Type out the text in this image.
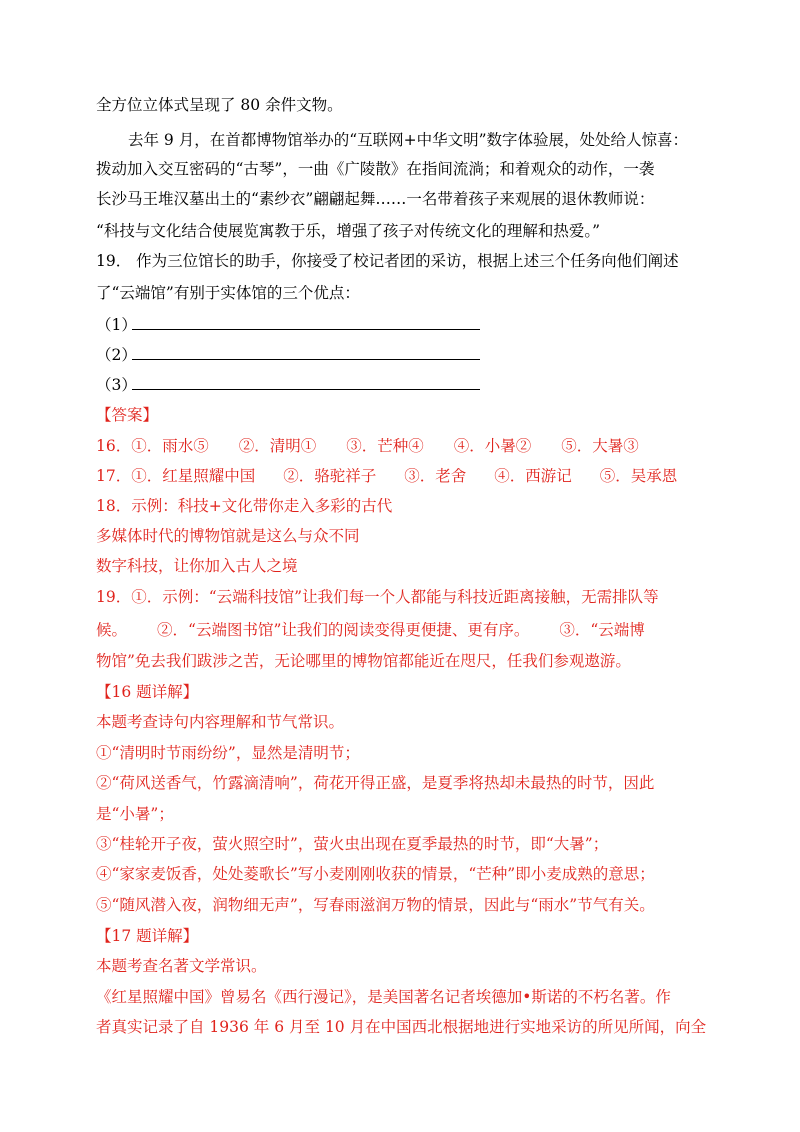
全方位立体式呈现了 80 余件文物。
去年 9 月，在首都博物馆举办的“互联网+中华文明”数字体验展，处处给人惊喜：
拨动加入交互密码的“古琴”，一曲《广陵散》在指间流淌；和着观众的动作，一袭
长沙马王堆汉墓出土的“素纱衣”翩翩起舞……一名带着孩子来观展的退休教师说：
“科技与文化结合使展览寓教于乐，增强了孩子对传统文化的理解和热爱。”
19． 作为三位馆长的助手，你接受了校记者团的采访，根据上述三个任务向他们阐述
了“云端馆”有别于实体馆的三个优点：
（1）
（2）
（3）
【答案】
16．①．雨水⑤ ②．清明① ③．芒种④ ④．小暑② ⑤．大暑③
17．①．红星照耀中国 ②．骆驼祥子 ③．老舍 ④．西游记 ⑤．吴承恩
18．示例：科技+文化带你走入多彩的古代
多媒体时代的博物馆就是这么与众不同
数字科技，让你加入古人之境
19．①．示例：“云端科技馆”让我们每一个人都能与科技近距离接触，无需排队等
候。 ②．“云端图书馆”让我们的阅读变得更便捷、更有序。 ③．“云端博
物馆”免去我们跋涉之苦，无论哪里的博物馆都能近在咫尺，任我们参观遨游。
【16 题详解】
本题考查诗句内容理解和节气常识。
①“清明时节雨纷纷”，显然是清明节；
②“荷风送香气，竹露滴清响”，荷花开得正盛，是夏季将热却未最热的时节，因此
是“小暑”；
③“桂轮开子夜，萤火照空时”，萤火虫出现在夏季最热的时节，即“大暑”；
④“家家麦饭香，处处菱歌长”写小麦刚刚收获的情景，“芒种”即小麦成熟的意思；
⑤“随风潜入夜，润物细无声”，写春雨滋润万物的情景，因此与“雨水”节气有关。
【17 题详解】
本题考查名著文学常识。
《红星照耀中国》曾易名《西行漫记》，是美国著名记者埃德加•斯诺的不朽名著。作
者真实记录了自 1936 年 6 月至 10 月在中国西北根据地进行实地采访的所见所闻，向全
